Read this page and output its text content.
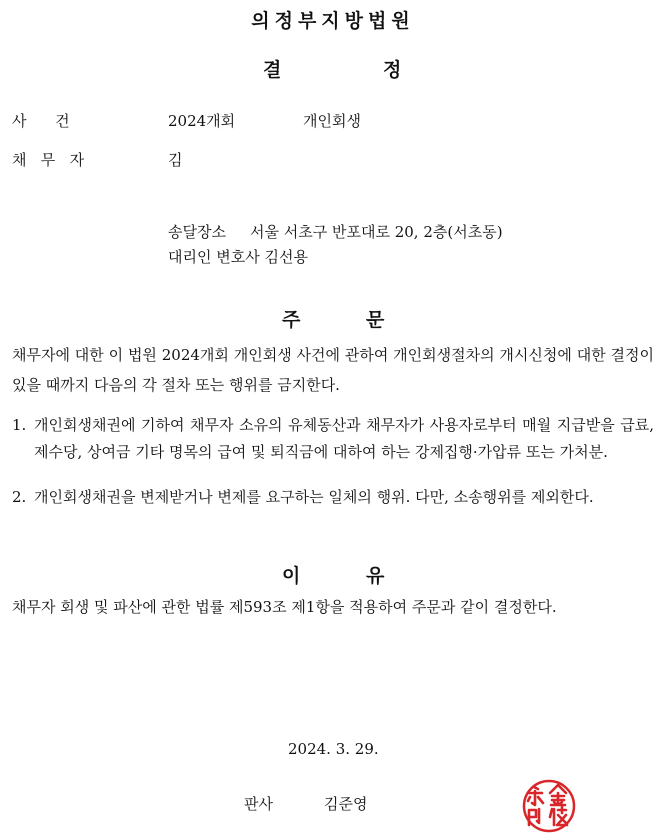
의정부지방법원
결	정
사      건	2024개회	개인회생
채   무   자	김
송달장소 서울 서초구 반포대로 20, 2층(서초동)
대리인 변호사 김선용
주	문
채무자에 대한 이 법원 2024개회 개인회생 사건에 관하여 개인회생절차의 개시신청에 대한 결정이 있을 때까지 다음의 각 절차 또는 행위를 금지한다.
1. 개인회생채권에 기하여 채무자 소유의 유체동산과 채무자가 사용자로부터 매월 지급받을 급료, 제수당, 상여금 기타 명목의 급여 및 퇴직금에 대하여 하는 강제집행·가압류 또는 가처분.
2. 개인회생채권을 변제받거나 변제를 요구하는 일체의 행위. 다만, 소송행위를 제외한다.
이	유
채무자 회생 및 파산에 관한 법률 제593조 제1항을 적용하여 주문과 같이 결정한다.
2024. 3. 29.
판사	김준영
